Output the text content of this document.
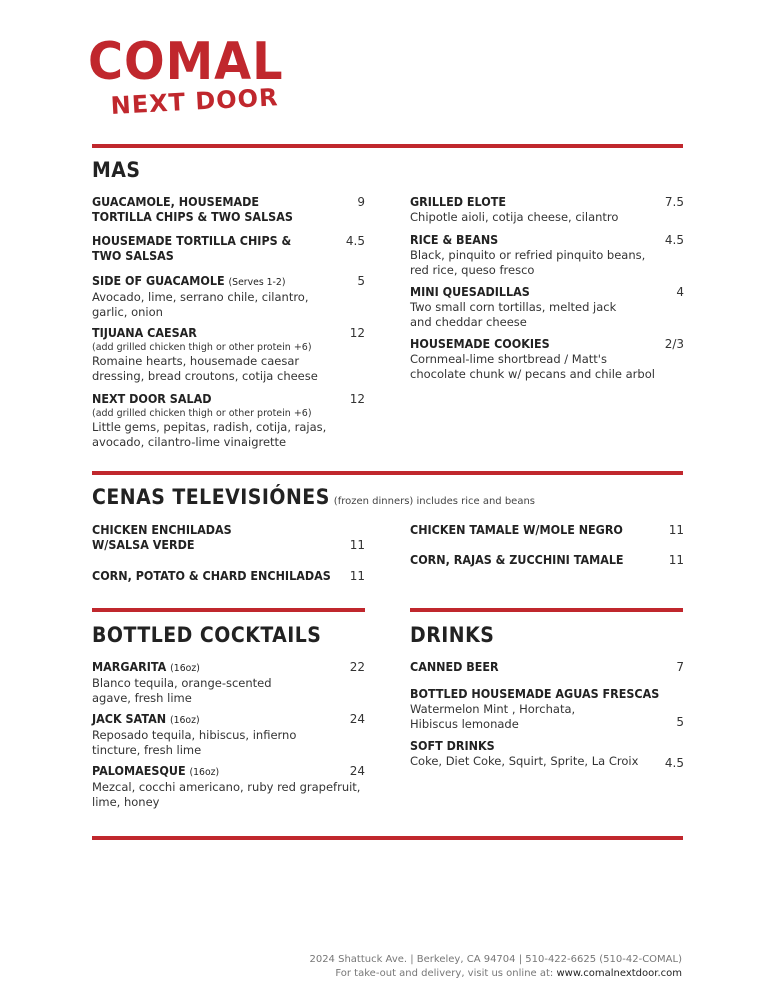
COMAL
NEXT DOOR
MAS
GUACAMOLE, HOUSEMADE
TORTILLA CHIPS & TWO SALSAS
9
HOUSEMADE TORTILLA CHIPS &
TWO SALSAS
4.5
SIDE OF GUACAMOLE (Serves 1-2)
Avocado, lime, serrano chile, cilantro,
garlic, onion
5
TIJUANA CAESAR
(add grilled chicken thigh or other protein +6)
Romaine hearts, housemade caesar
dressing, bread croutons, cotija cheese
12
NEXT DOOR SALAD
(add grilled chicken thigh or other protein +6)
Little gems, pepitas, radish, cotija, rajas,
avocado, cilantro-lime vinaigrette
12
GRILLED ELOTE
Chipotle aioli, cotija cheese, cilantro
7.5
RICE & BEANS
Black, pinquito or refried pinquito beans,
red rice, queso fresco
4.5
MINI QUESADILLAS
Two small corn tortillas, melted jack
and cheddar cheese
4
HOUSEMADE COOKIES
Cornmeal-lime shortbread / Matt's
chocolate chunk w/ pecans and chile arbol
2/3
CENAS TELEVISIÓNES (frozen dinners) includes rice and beans
CHICKEN ENCHILADAS
W/SALSA VERDE	11
CORN, POTATO & CHARD ENCHILADAS	11
CHICKEN TAMALE W/MOLE NEGRO	11
CORN, RAJAS & ZUCCHINI TAMALE	11
BOTTLED COCKTAILS
MARGARITA (16oz)
Blanco tequila, orange-scented
agave, fresh lime
22
JACK SATAN (16oz)
Reposado tequila, hibiscus, infierno
tincture, fresh lime
24
PALOMAESQUE (16oz)
Mezcal, cocchi americano, ruby red grapefruit,
lime, honey
24
DRINKS
CANNED BEER	7
BOTTLED HOUSEMADE AGUAS FRESCAS
Watermelon Mint , Horchata,
Hibiscus lemonade	5
SOFT DRINKS
Coke, Diet Coke, Squirt, Sprite, La Croix	4.5
2024 Shattuck Ave. | Berkeley, CA 94704 | 510-422-6625 (510-42-COMAL)
For take-out and delivery, visit us online at: www.comalnextdoor.com
